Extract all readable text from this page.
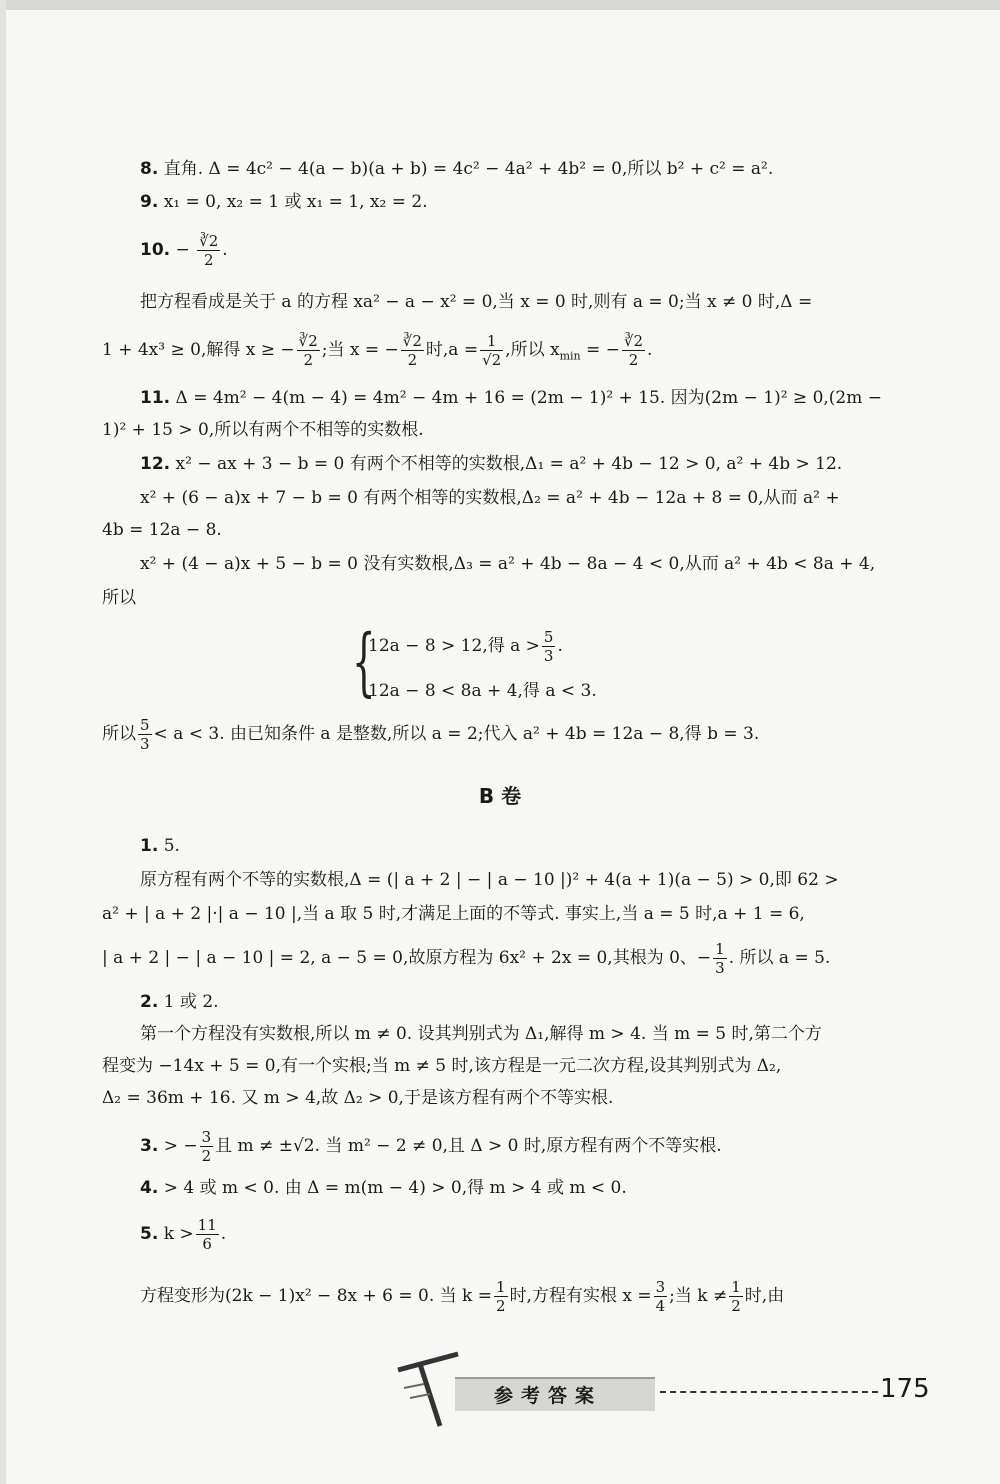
8. 直角. Δ = 4c² − 4(a − b)(a + b) = 4c² − 4a² + 4b² = 0,所以 b² + c² = a².
9. x₁ = 0, x₂ = 1 或 x₁ = 1, x₂ = 2.
10. − $\frac{∛2}{2}$ .
把方程看成是关于 a 的方程 xa² − a − x² = 0,当 x = 0 时,则有 a = 0;当 x ≠ 0 时,Δ =
1 + 4x³ ≥ 0,解得 x ≥ − $\frac{∛2}{2}$ ;当 x = − $\frac{∛2}{2}$ 时$,a = \frac{1}{√2}$ ,所以 $x_{min}$ = − $\frac{∛2}{2}$ .
11. Δ = 4m² − 4(m − 4) = 4m² − 4m + 16 = (2m − 1)² + 15. 因为(2m − 1)² ≥ 0,(2m −
1)² + 15 > 0,所以有两个不相等的实数根.
12. x² − ax + 3 − b = 0 有两个不相等的实数根,Δ₁ = a² + 4b − 12 > 0, a² + 4b > 12.
x² + (6 − a)x + 7 − b = 0 有两个相等的实数根,Δ₂ = a² + 4b − 12a + 8 = 0,从而 a² +
4b = 12a − 8.
x² + (4 − a)x + 5 − b = 0 没有实数根,Δ₃ = a² + 4b − 8a − 4 < 0,从而 a² + 4b < 8a + 4,
所以
{
12a − 8 > 12,得 $a > \frac{5}{3}$ .
12a − 8 < 8a + 4,得 a < 3.
所以 $\frac{5}{3} < a < 3$. 由已知条件 a 是整数,所以 a = 2;代入 a² + 4b = 12a − 8,得 b = 3.
B 卷
1. 5.
原方程有两个不等的实数根,Δ = (| a + 2 | − | a − 10 |)² + 4(a + 1)(a − 5) > 0,即 62 >
a² + | a + 2 |·| a − 10 |,当 a 取 5 时,才满足上面的不等式. 事实上,当 a = 5 时,a + 1 = 6,
| a + 2 | − | a − 10 | = 2, a − 5 = 0,故原方程为 6x² + 2x = 0,其根为 0、− $\frac{1}{3}$ . 所以 a = 5.
2. 1 或 2.
第一个方程没有实数根,所以 m ≠ 0. 设其判别式为 Δ₁,解得 m > 4. 当 m = 5 时,第二个方
程变为 −14x + 5 = 0,有一个实根;当 m ≠ 5 时,该方程是一元二次方程,设其判别式为 Δ₂,
Δ₂ = 36m + 16. 又 m > 4,故 Δ₂ > 0,于是该方程有两个不等实根.
3. > − $\frac{3}{2}$ 且 m ≠ ±√2. 当 m² − 2 ≠ 0,且 Δ > 0 时,原方程有两个不等实根.
4. > 4 或 m < 0. 由 Δ = m(m − 4) > 0,得 m > 4 或 m < 0.
5. $k > \frac{11}{6}$ .
方程变形为(2k − 1)x² − 8x + 6 = 0. 当 $k = \frac{1}{2}$ 时,方程有实根 $x = \frac{3}{4}$ ;当 $k \ne \frac{1}{2}$ 时,由
参考答案	175
